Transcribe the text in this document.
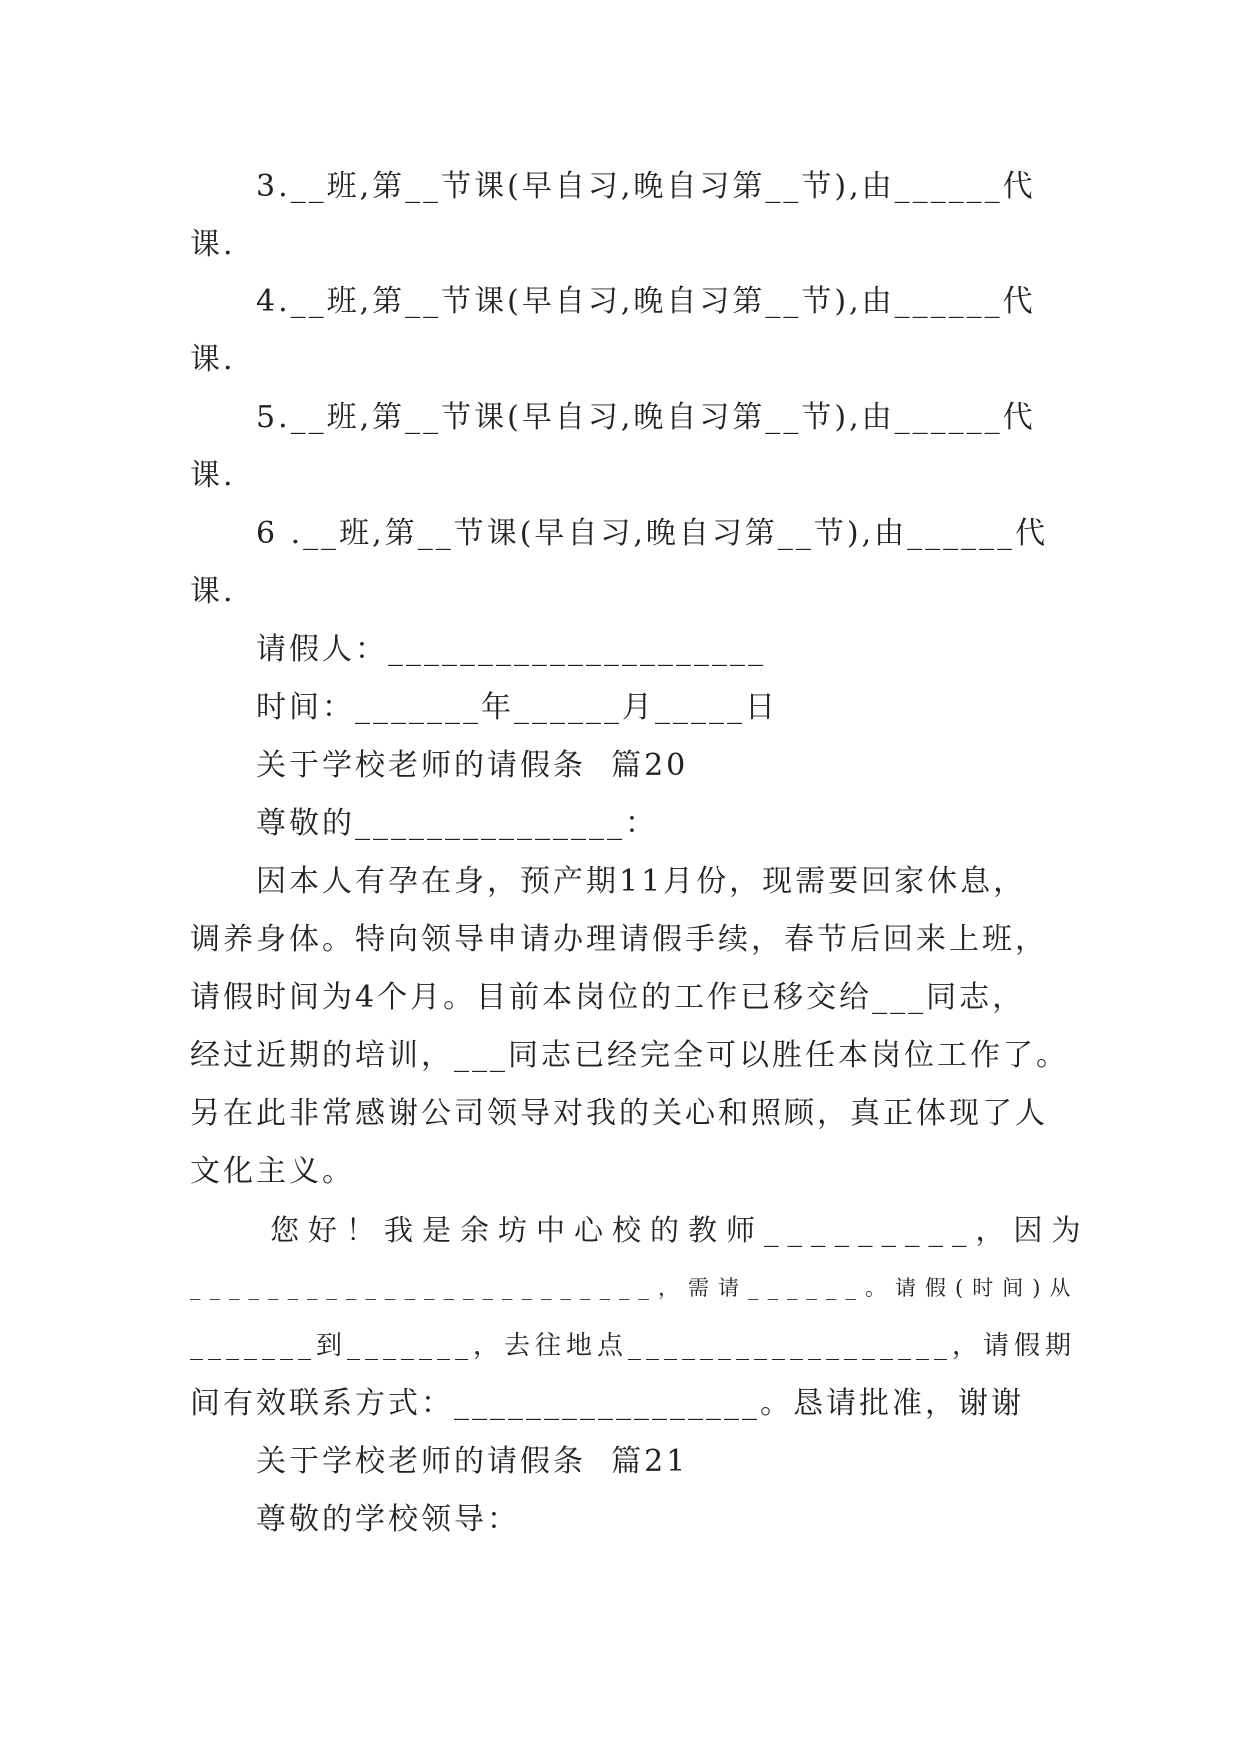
3.__班,第__节课(早自习,晚自习第__节),由______代
课.
4.__班,第__节课(早自习,晚自习第__节),由______代
课.
5.__班,第__节课(早自习,晚自习第__节),由______代
课.
6 .__班,第__节课(早自习,晚自习第__节),由______代
课.
请假人：_____________________
时间：_______年______月_____日
关于学校老师的请假条  篇20
尊敬的_______________：
因本人有孕在身，预产期11月份，现需要回家休息，
调养身体。特向领导申请办理请假手续，春节后回来上班，
请假时间为4个月。目前本岗位的工作已移交给___同志，
经过近期的培训，___同志已经完全可以胜任本岗位工作了。
另在此非常感谢公司领导对我的关心和照顾，真正体现了人
文化主义。
您好！我是余坊中心校的教师_________，因为
________________________，需请______。请假(时间)从
_______到_______，去往地点__________________，请假期
间有效联系方式：_________________。恳请批准，谢谢
关于学校老师的请假条  篇21
尊敬的学校领导：
